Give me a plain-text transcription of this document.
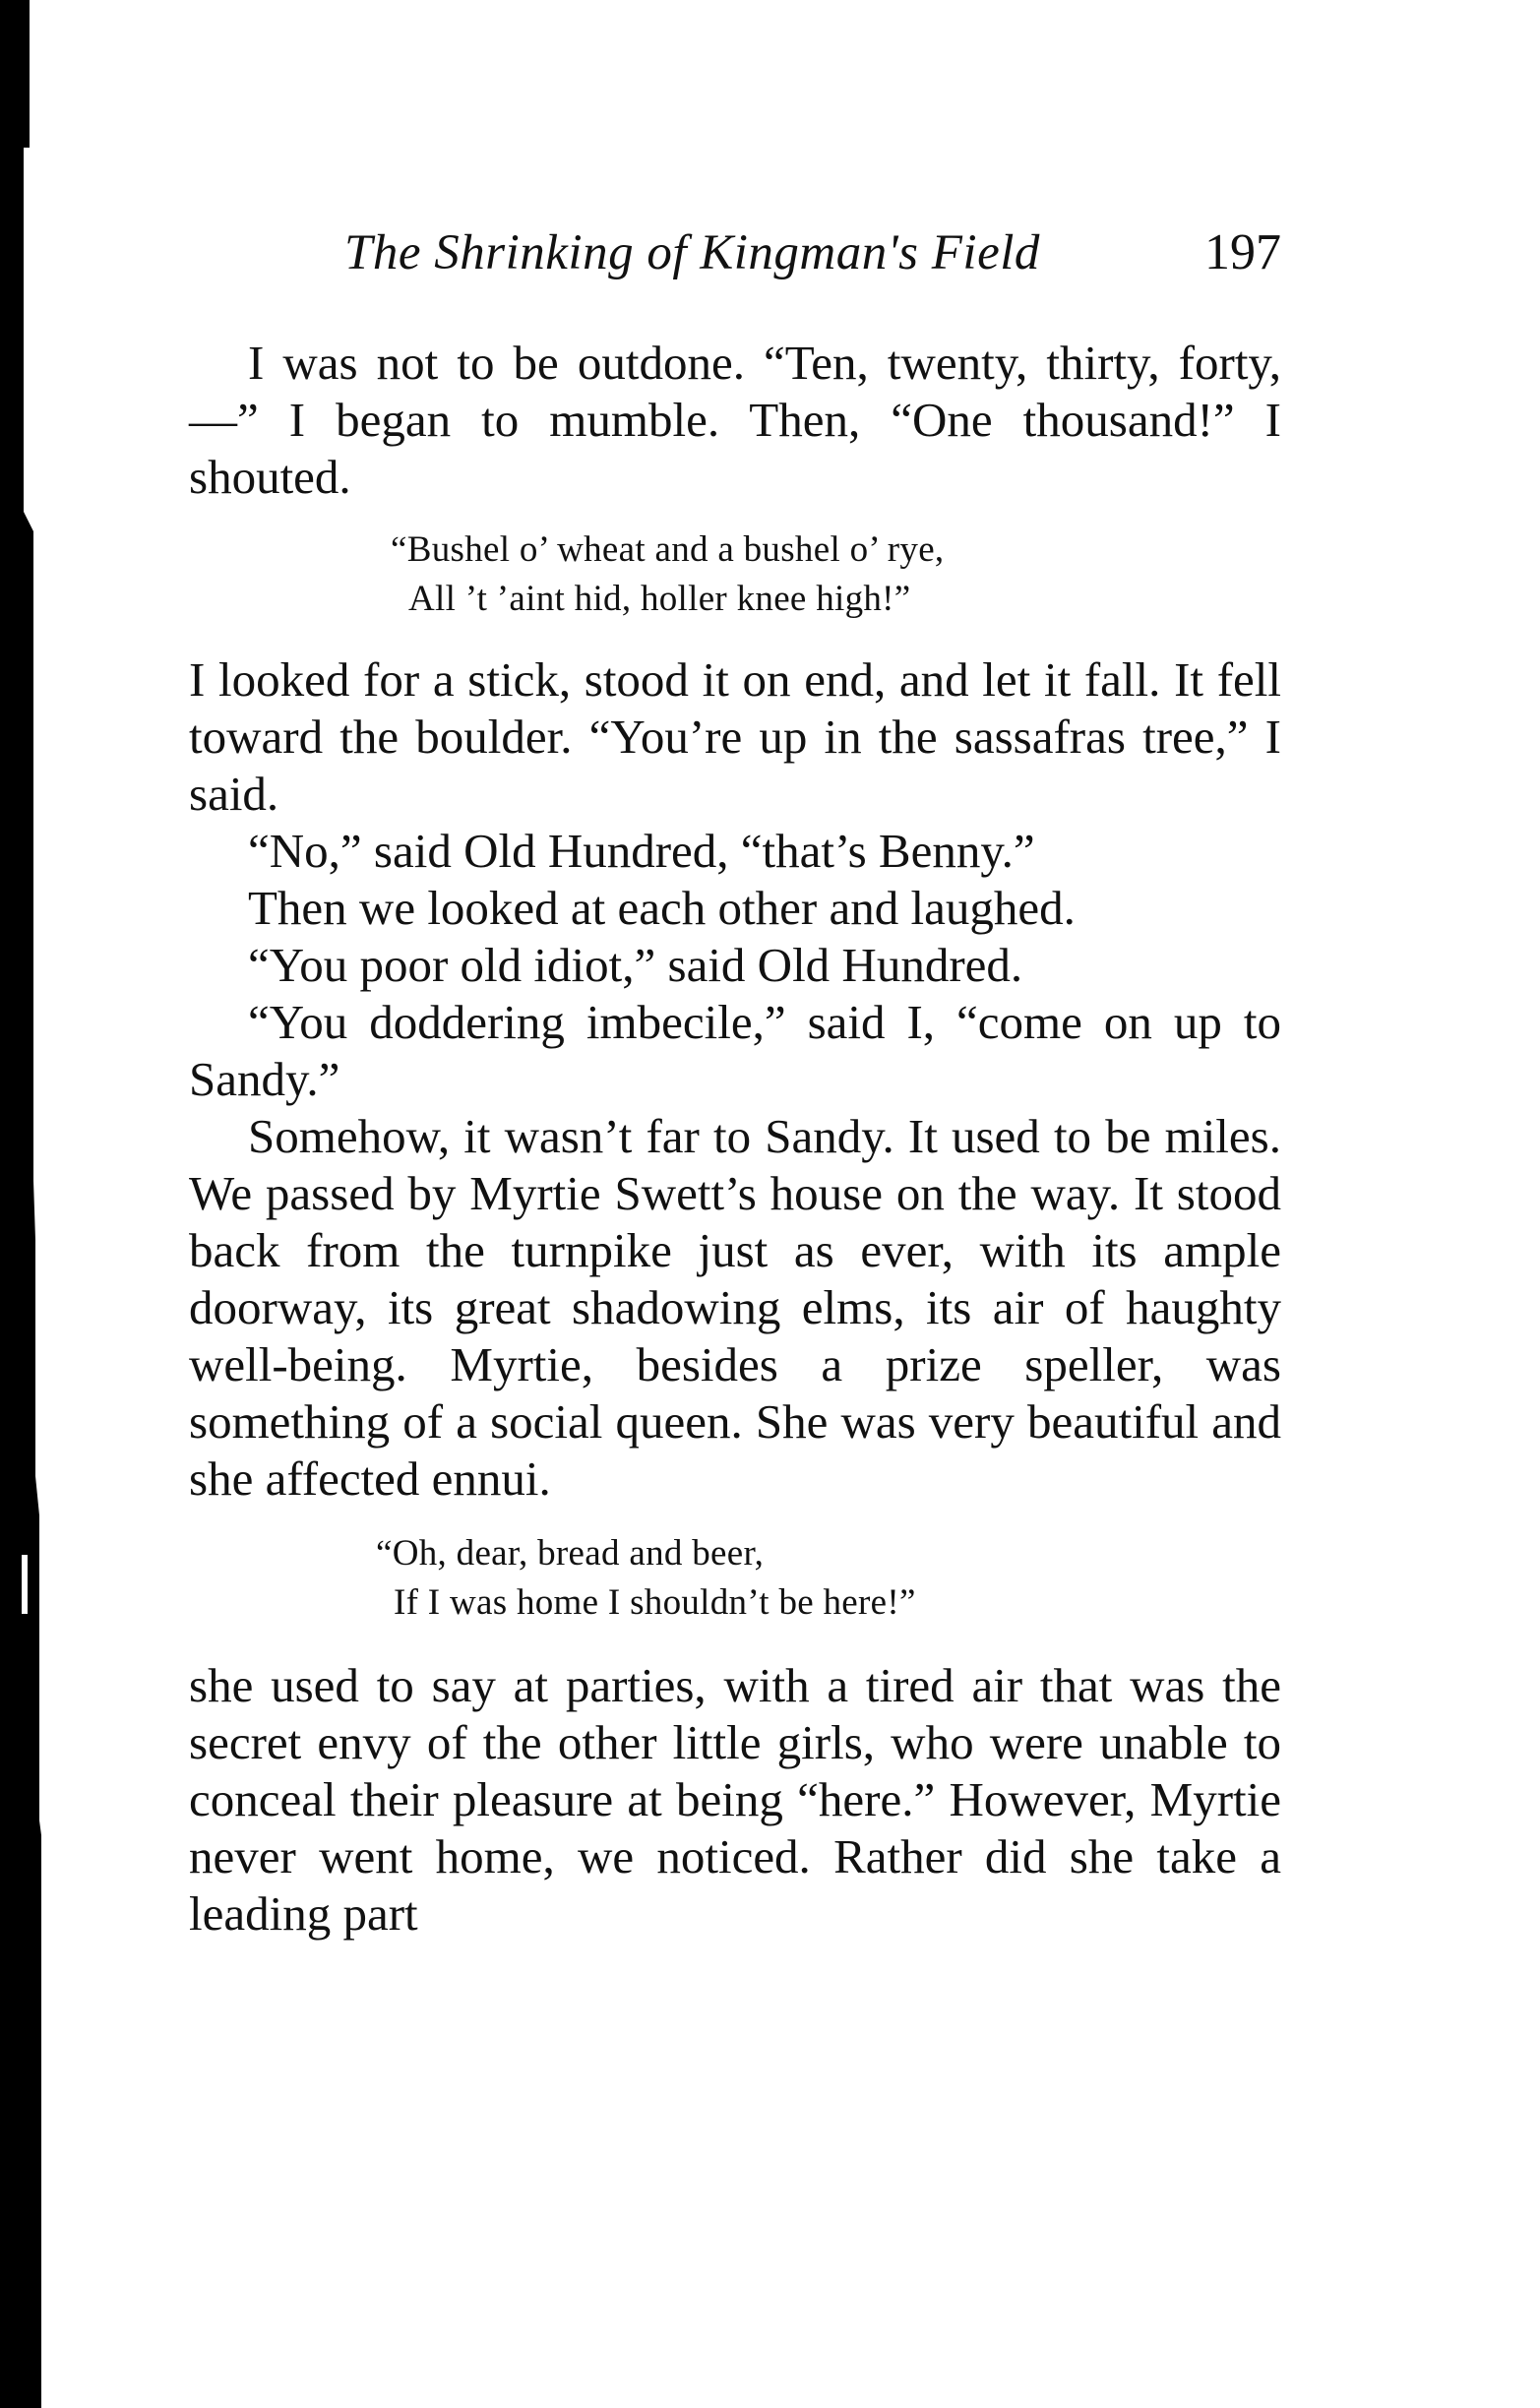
The Shrinking of Kingman's Field	197

I was not to be outdone. “Ten, twenty, thirty, forty, —” I began to mumble. Then, “One thousand!” I shouted.

“Bushel o’ wheat and a bushel o’ rye,
All ’t ’aint hid, holler knee high!”

I looked for a stick, stood it on end, and let it fall. It fell toward the boulder. “You’re up in the sassafras tree,” I said.

“No,” said Old Hundred, “that’s Benny.”

Then we looked at each other and laughed.

“You poor old idiot,” said Old Hundred.

“You doddering imbecile,” said I, “come on up to Sandy.”

Somehow, it wasn’t far to Sandy. It used to be miles. We passed by Myrtie Swett’s house on the way. It stood back from the turnpike just as ever, with its ample doorway, its great shadowing elms, its air of haughty well-being. Myrtie, besides a prize speller, was something of a social queen. She was very beautiful and she affected ennui.

“Oh, dear, bread and beer,
If I was home I shouldn’t be here!”

she used to say at parties, with a tired air that was the secret envy of the other little girls, who were unable to conceal their pleasure at being “here.” However, Myrtie never went home, we noticed. Rather did she take a leading part
